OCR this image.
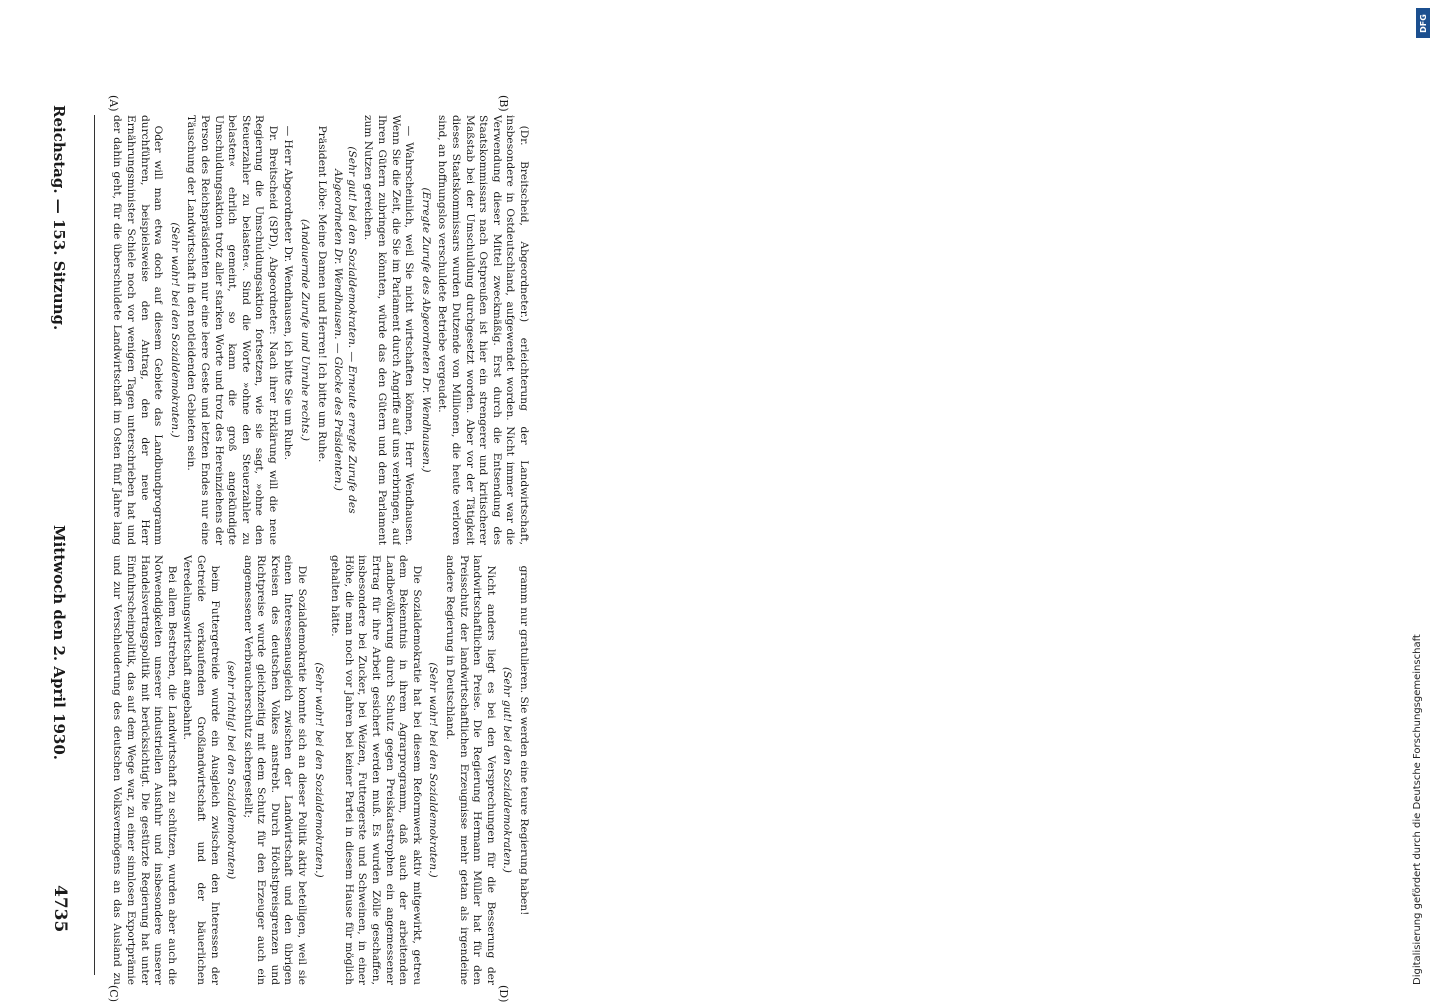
Reichstag. — 153. Sitzung.
Mittwoch den 2. April 1930.
4735

(Dr. Breitscheid, Abgeordneter.) erleichterung der Landwirtschaft, insbesondere in Ostdeutschland, aufgewendet worden. Nicht immer war die Verwendung dieser Mittel zweckmäßig. Erst durch die Entsendung des Staatskommissars nach Ostpreußen ist hier ein strengerer und kritischerer Maßstab bei der Umschuldung durchgesetzt worden. Aber vor der Tätigkeit dieses Staatskommissars wurden Dutzende von Millionen, die heute verloren sind, an hoffnungslos verschuldete Betriebe vergeudet.

(Erregte Zurufe des Abgeordneten Dr. Wendhausen.)

— Wahrscheinlich, weil Sie nicht wirtschaften können, Herr Wendhausen. Wenn Sie die Zeit, die Sie im Parlament durch Angriffe auf uns verbringen, auf Ihren Gütern zubringen könnten, würde das den Gütern und dem Parlament zum Nutzen gereichen.

(Sehr gut! bei den Sozialdemokraten. — Erneute erregte Zurufe des Abgeordneten Dr. Wendhausen. — Glocke des Präsidenten.)

Präsident Löbe: Meine Damen und Herren! Ich bitte um Ruhe.

(Andauernde Zurufe und Unruhe rechts.)

— Herr Abgeordneter Dr. Wendhausen, ich bitte Sie um Ruhe.

Dr. Breitscheid (SPD), Abgeordneter: Nach ihrer Erklärung will die neue Regierung die Umschuldungsaktion fortsetzen, wie sie sagt, »ohne den Steuerzahler zu belasten«. Sind die Worte »ohne den Steuerzahler zu belasten« ehrlich gemeint, so kann die groß angekündigte Umschuldungsaktion trotz aller starken Worte und trotz des Hereinziehens der Person des Reichspräsidenten nur eine leere Geste und letzten Endes nur eine Täuschung der Landwirtschaft in den notleidenden Gebieten sein.

(Sehr wahr! bei den Sozialdemokraten.)

Oder will man etwa doch auf diesem Gebiete das Landbundprogramm durchführen, beispielsweise den Antrag, den der neue Herr Ernährungsminister Schiele noch vor wenigen Tagen unterschrieben hat und der dahin geht, für die überschuldete Landwirtschaft im Osten fünf Jahre lang

gramm nur gratulieren. Sie werden eine teure Regierung haben!

(Sehr gut! bei den Sozialdemokraten.)

Nicht anders liegt es bei den Versprechungen für die Besserung der landwirtschaftlichen Preise. Die Regierung Hermann Müller hat für den Preisschutz der landwirtschaftlichen Erzeugnisse mehr getan als irgendeine andere Regierung in Deutschland.

(Sehr wahr! bei den Sozialdemokraten.)

Die Sozialdemokratie hat bei diesem Reformwerk aktiv mitgewirkt, getreu dem Bekenntnis in ihrem Agrarprogramm, daß auch der arbeitenden Landbevölkerung durch Schutz gegen Preiskatastrophen ein angemessener Ertrag für ihre Arbeit gesichert werden muß. Es wurden Zölle geschaffen, insbesondere bei Zucker, bei Weizen, Futtergerste und Schweinen, in einer Höhe, die man noch vor Jahren bei keiner Partei in diesem Hause für möglich gehalten hätte.

(Sehr wahr! bei den Sozialdemokraten.)

Die Sozialdemokratie konnte sich an dieser Politik aktiv beteiligen, weil sie einen Interessenausgleich zwischen der Landwirtschaft und den übrigen Kreisen des deutschen Volkes anstrebt. Durch Höchstpreisgrenzen und Richtpreise wurde gleichzeitig mit dem Schutz für den Erzeuger auch ein angemessener Verbraucherschutz sichergestellt;

(sehr richtig! bei den Sozialdemokraten)

beim Futtergetreide wurde ein Ausgleich zwischen den Interessen der Getreide verkaufenden Großlandwirtschaft und der bäuerlichen Veredelungswirtschaft angebahnt.

Bei allem Bestreben, die Landwirtschaft zu schützen, wurden aber auch die Notwendigkeiten unserer industriellen Ausfuhr und insbesondere unserer Handelsvertragspolitik mit berücksichtigt. Die gestürzte Regierung hat unter Einfuhrscheinpolitik, das auf dem Wege war, zu einer sinnlosen Exportprämie und zur Verschleuderung des deutschen Volksvermögens an das Ausland zu

(A)	(B)
(C)	(D)
DFG
Digitalisierung gefördert durch die Deutsche Forschungsgemeinschaft
